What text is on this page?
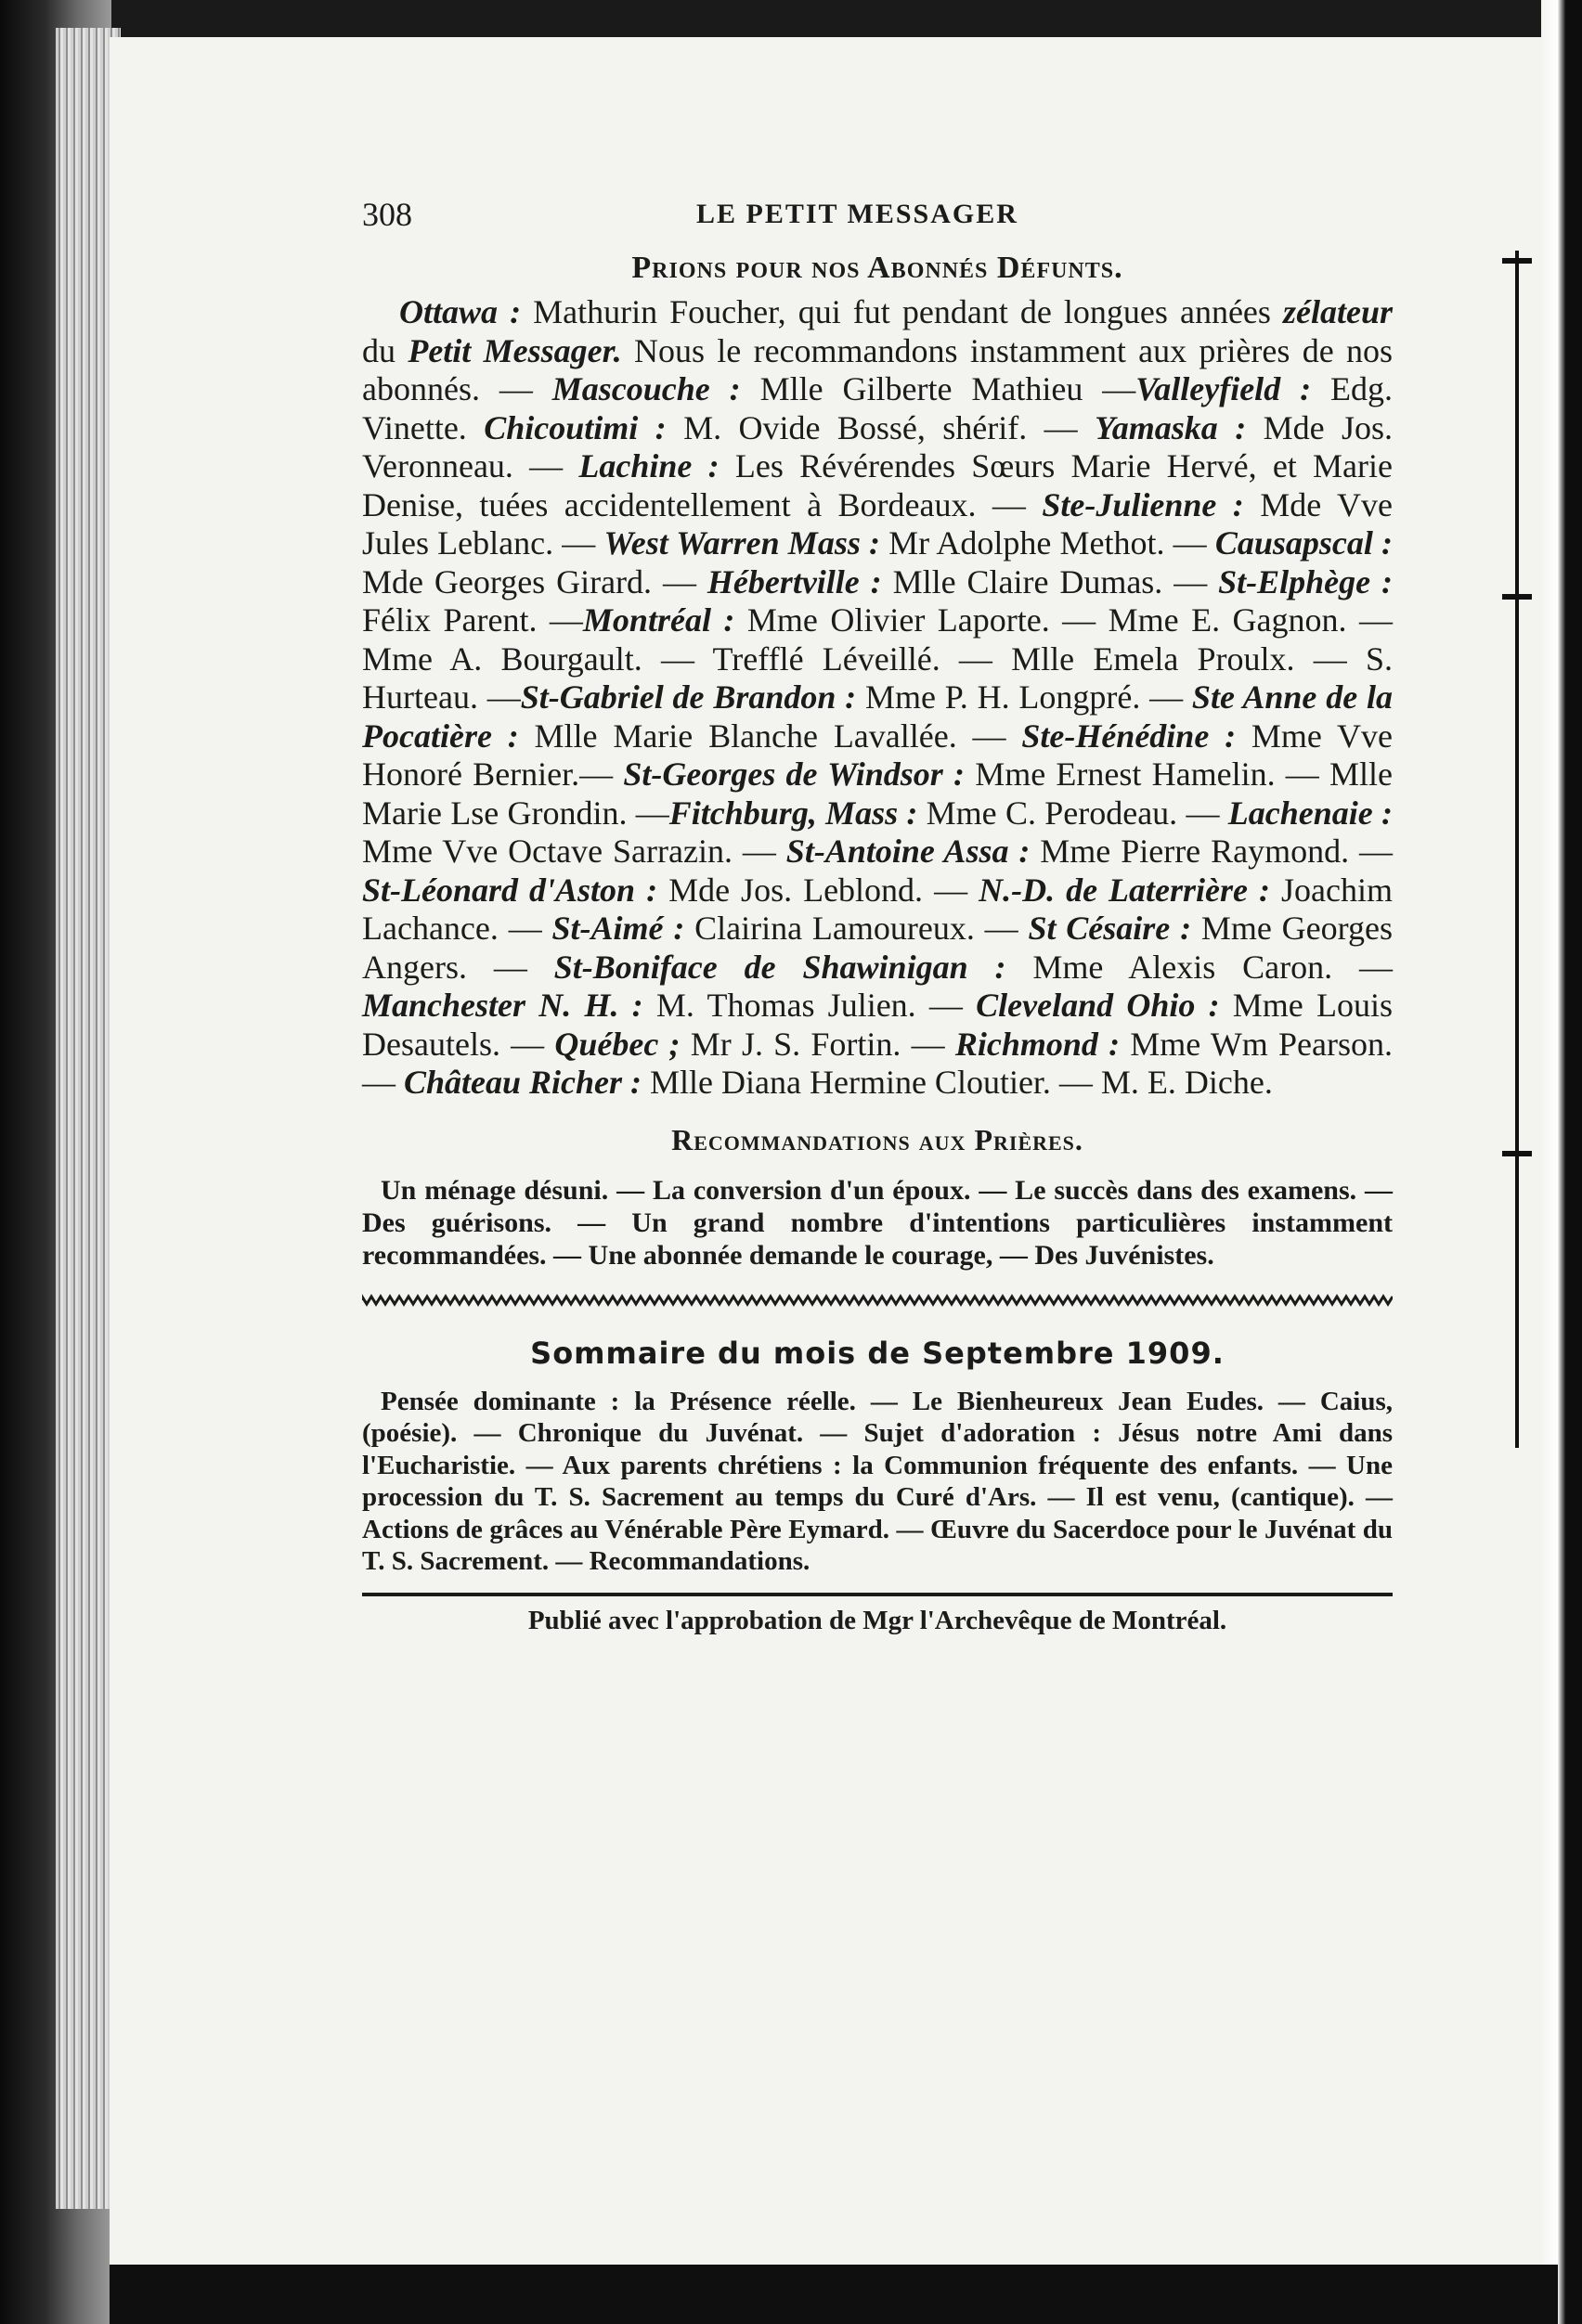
308	LE PETIT MESSAGER
Prions pour nos Abonnés Défunts.

Ottawa : Mathurin Foucher, qui fut pendant de longues années zélateur du Petit Messager. Nous le recommandons instamment aux prières de nos abonnés. — Mascouche : Mlle Gilberte Mathieu —Valleyfield : Edg. Vinette. Chicoutimi : M. Ovide Bossé, shérif. — Yamaska : Mde Jos. Veronneau. — Lachine : Les Révérendes Sœurs Marie Hervé, et Marie Denise, tuées accidentellement à Bordeaux. — Ste-Julienne : Mde Vve Jules Leblanc. — West Warren Mass : Mr Adolphe Methot. — Causapscal : Mde Georges Girard. — Hébertville : Mlle Claire Dumas. — St-Elphège : Félix Parent. —Montréal : Mme Olivier Laporte. — Mme E. Gagnon. — Mme A. Bourgault. — Trefflé Léveillé. — Mlle Emela Proulx. — S. Hurteau. —St-Gabriel de Brandon : Mme P. H. Longpré. — Ste Anne de la Pocatière : Mlle Marie Blanche Lavallée. — Ste-Hénédine : Mme Vve Honoré Bernier.— St-Georges de Windsor : Mme Ernest Hamelin. — Mlle Marie Lse Grondin. —Fitchburg, Mass : Mme C. Perodeau. — Lachenaie : Mme Vve Octave Sarrazin. — St-Antoine Assa : Mme Pierre Raymond. — St-Léonard d'Aston : Mde Jos. Leblond. — N.-D. de Laterrière : Joachim Lachance. — St-Aimé : Clairina Lamoureux. — St Césaire : Mme Georges Angers. — St-Boniface de Shawinigan : Mme Alexis Caron. — Manchester N. H. : M. Thomas Julien. — Cleveland Ohio : Mme Louis Desautels. — Québec ; Mr J. S. Fortin. — Richmond : Mme Wm Pearson. — Château Richer : Mlle Diana Hermine Cloutier. — M. E. Diche.

Recommandations aux Prières.

Un ménage désuni. — La conversion d'un époux. — Le succès dans des examens. — Des guérisons. — Un grand nombre d'intentions particulières instamment recommandées. — Une abonnée demande le courage, — Des Juvénistes.

Sommaire du mois de Septembre 1909.

Pensée dominante : la Présence réelle. — Le Bienheureux Jean Eudes. — Caius, (poésie). — Chronique du Juvénat. — Sujet d'adoration : Jésus notre Ami dans l'Eucharistie. — Aux parents chrétiens : la Communion fréquente des enfants. — Une procession du T. S. Sacrement au temps du Curé d'Ars. — Il est venu, (cantique). — Actions de grâces au Vénérable Père Eymard. — Œuvre du Sacerdoce pour le Juvénat du T. S. Sacrement. — Recommandations.

Publié avec l'approbation de Mgr l'Archevêque de Montréal.
